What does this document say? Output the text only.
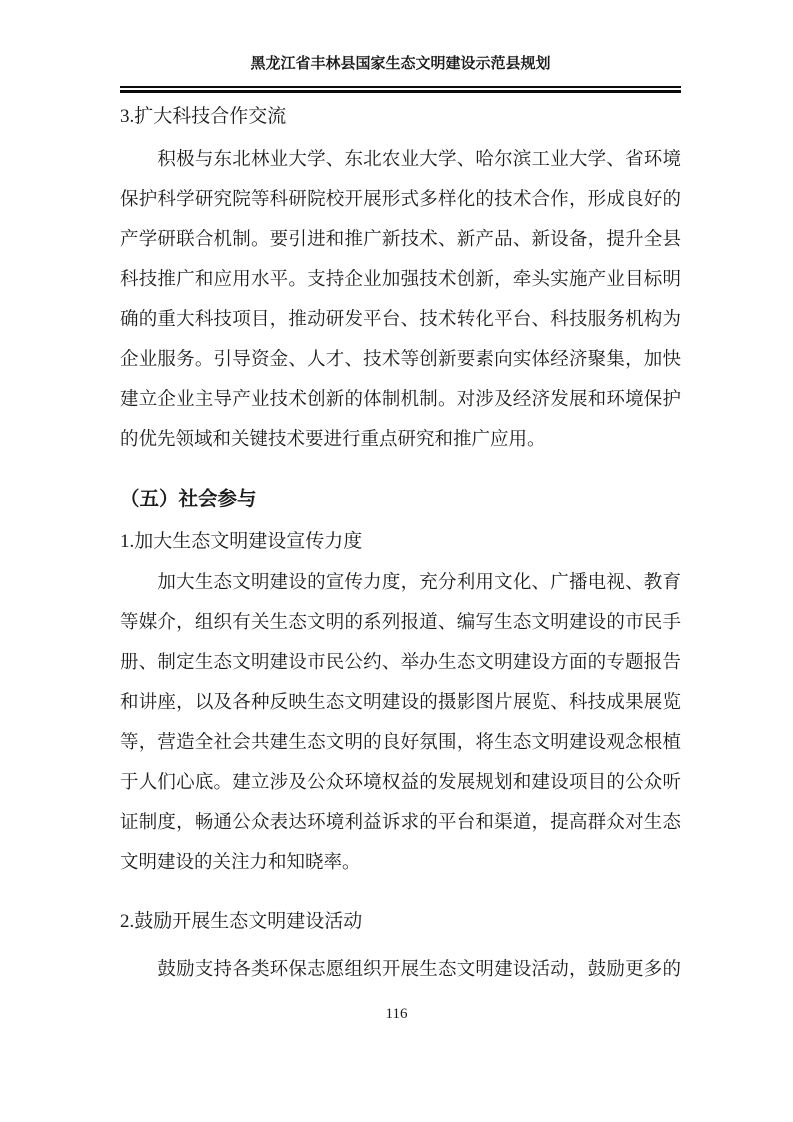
黑龙江省丰林县国家生态文明建设示范县规划
3.扩大科技合作交流
　　积极与东北林业大学、东北农业大学、哈尔滨工业大学、省环境
保护科学研究院等科研院校开展形式多样化的技术合作，形成良好的
产学研联合机制。要引进和推广新技术、新产品、新设备，提升全县
科技推广和应用水平。支持企业加强技术创新，牵头实施产业目标明
确的重大科技项目，推动研发平台、技术转化平台、科技服务机构为
企业服务。引导资金、人才、技术等创新要素向实体经济聚集，加快
建立企业主导产业技术创新的体制机制。对涉及经济发展和环境保护
的优先领域和关键技术要进行重点研究和推广应用。
（五）社会参与
1.加大生态文明建设宣传力度
　　加大生态文明建设的宣传力度，充分利用文化、广播电视、教育
等媒介，组织有关生态文明的系列报道、编写生态文明建设的市民手
册、制定生态文明建设市民公约、举办生态文明建设方面的专题报告
和讲座，以及各种反映生态文明建设的摄影图片展览、科技成果展览
等，营造全社会共建生态文明的良好氛围，将生态文明建设观念根植
于人们心底。建立涉及公众环境权益的发展规划和建设项目的公众听
证制度，畅通公众表达环境利益诉求的平台和渠道，提高群众对生态
文明建设的关注力和知晓率。
2.鼓励开展生态文明建设活动
　　鼓励支持各类环保志愿组织开展生态文明建设活动，鼓励更多的
116
